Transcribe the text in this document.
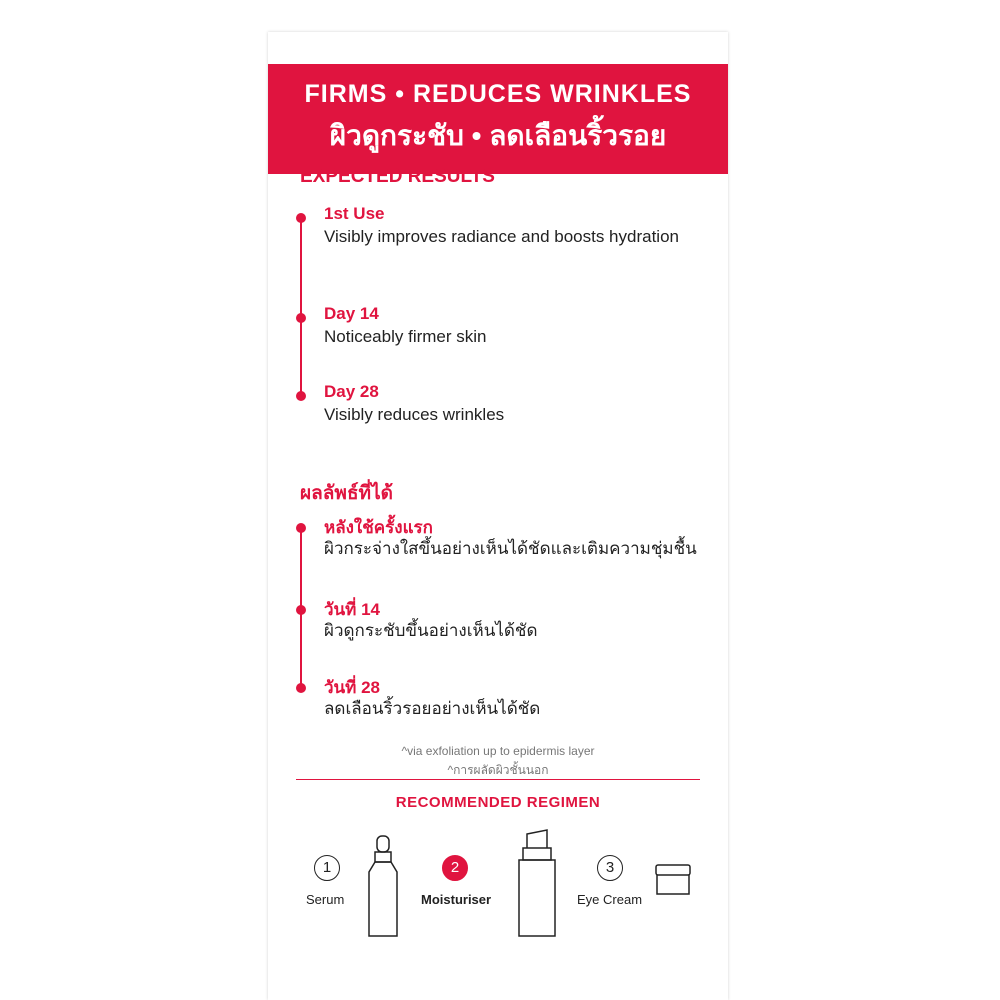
FIRMS • REDUCES WRINKLES
ผิวดูกระชับ • ลดเลือนริ้วรอย
EXPECTED RESULTS
1st Use
Visibly improves radiance and boosts hydration
Day 14
Noticeably firmer skin
Day 28
Visibly reduces wrinkles
ผลลัพธ์ที่ได้
หลังใช้ครั้งแรก
ผิวกระจ่างใสขึ้นอย่างเห็นได้ชัดและเติมความชุ่มชื้น
วันที่ 14
ผิวดูกระชับขึ้นอย่างเห็นได้ชัด
วันที่ 28
ลดเลือนริ้วรอยอย่างเห็นได้ชัด
^via exfoliation up to epidermis layer
^การผลัดผิวชั้นนอก
RECOMMENDED REGIMEN
1
Serum
2
Moisturiser
3
Eye Cream
